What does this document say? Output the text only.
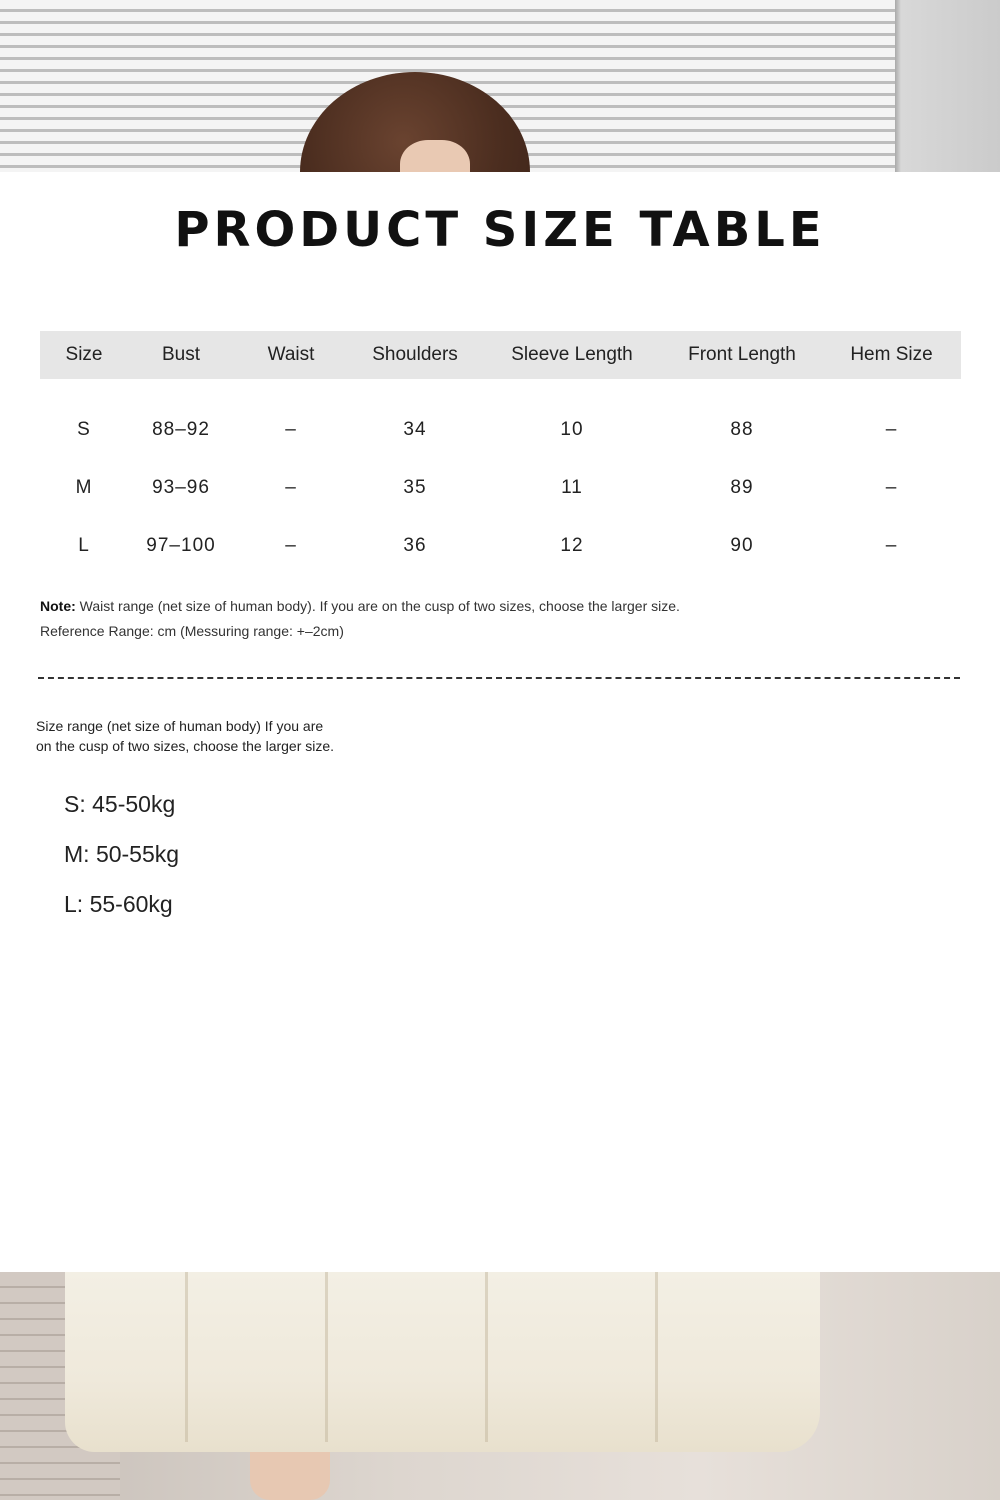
PRODUCT SIZE TABLE
Size	Bust	Waist	Shoulders	Sleeve Length	Front Length	Hem Size

S	88–92	–	34	10	88	–
M	93–96	–	35	11	89	–
L	97–100	–	36	12	90	–
Note: Waist range (net size of human body). If you are on the cusp of two sizes, choose the larger size.
Reference Range: cm (Messuring range: +–2cm)
Size range (net size of human body) If you are
on the cusp of two sizes, choose the larger size.
S: 45-50kg
M: 50-55kg
L: 55-60kg
